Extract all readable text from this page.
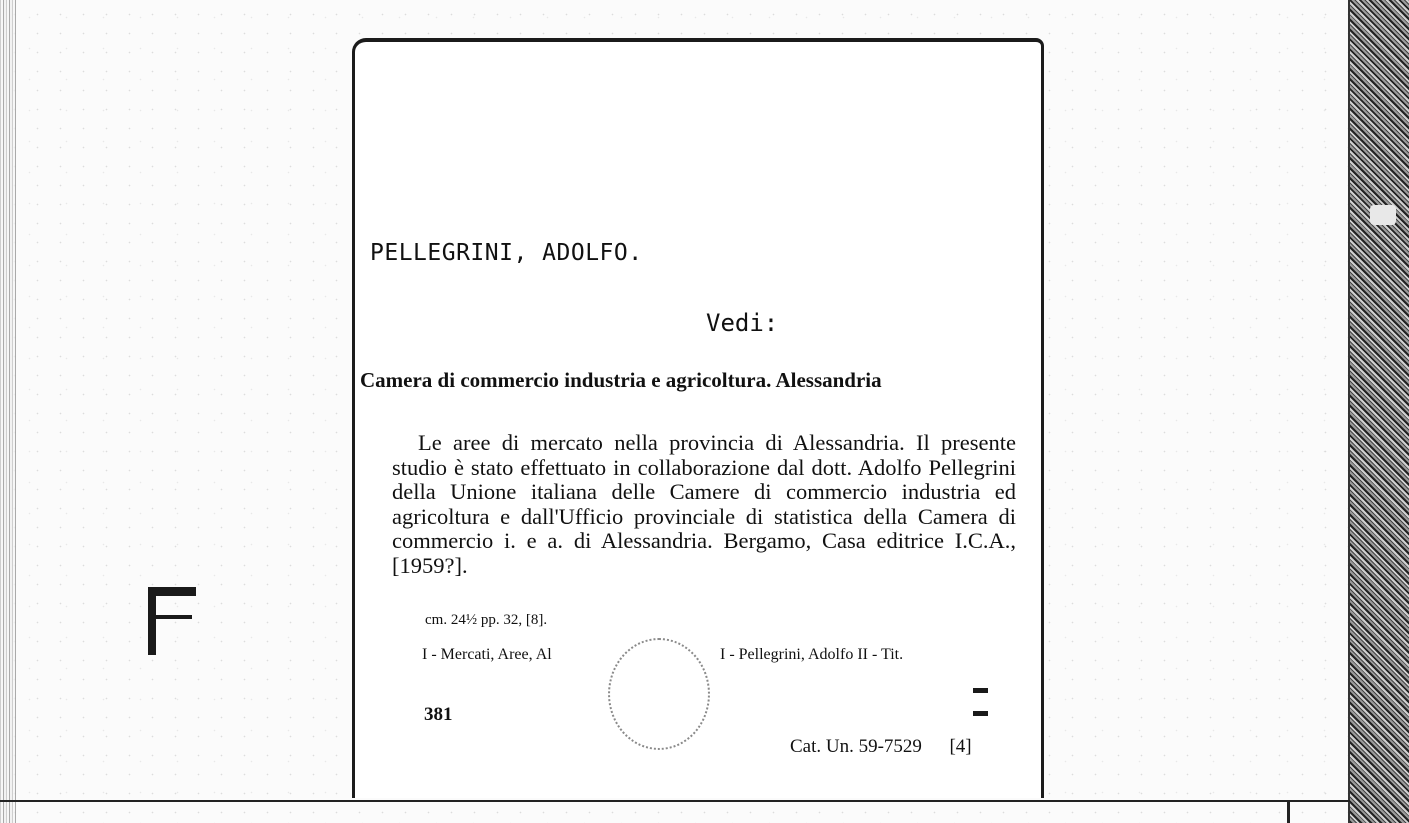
PELLEGRINI, ADOLFO.
Vedi:
Camera di commercio industria e agricoltura. Alessandria
Le aree di mercato nella provincia di Alessandria. Il presente studio è stato effettuato in collaborazione dal dott. Adolfo Pellegrini della Unione italiana delle Camere di commercio industria ed agricoltura e dall'Ufficio provinciale di statistica della Camera di commercio i. e a. di Alessandria. Bergamo, Casa editrice I.C.A., [1959?].
cm. 24½ pp. 32, [8].
I - Mercati, Aree, Al	I - Pellegrini, Adolfo II - Tit.
381
Cat. Un. 59-7529 [4]
